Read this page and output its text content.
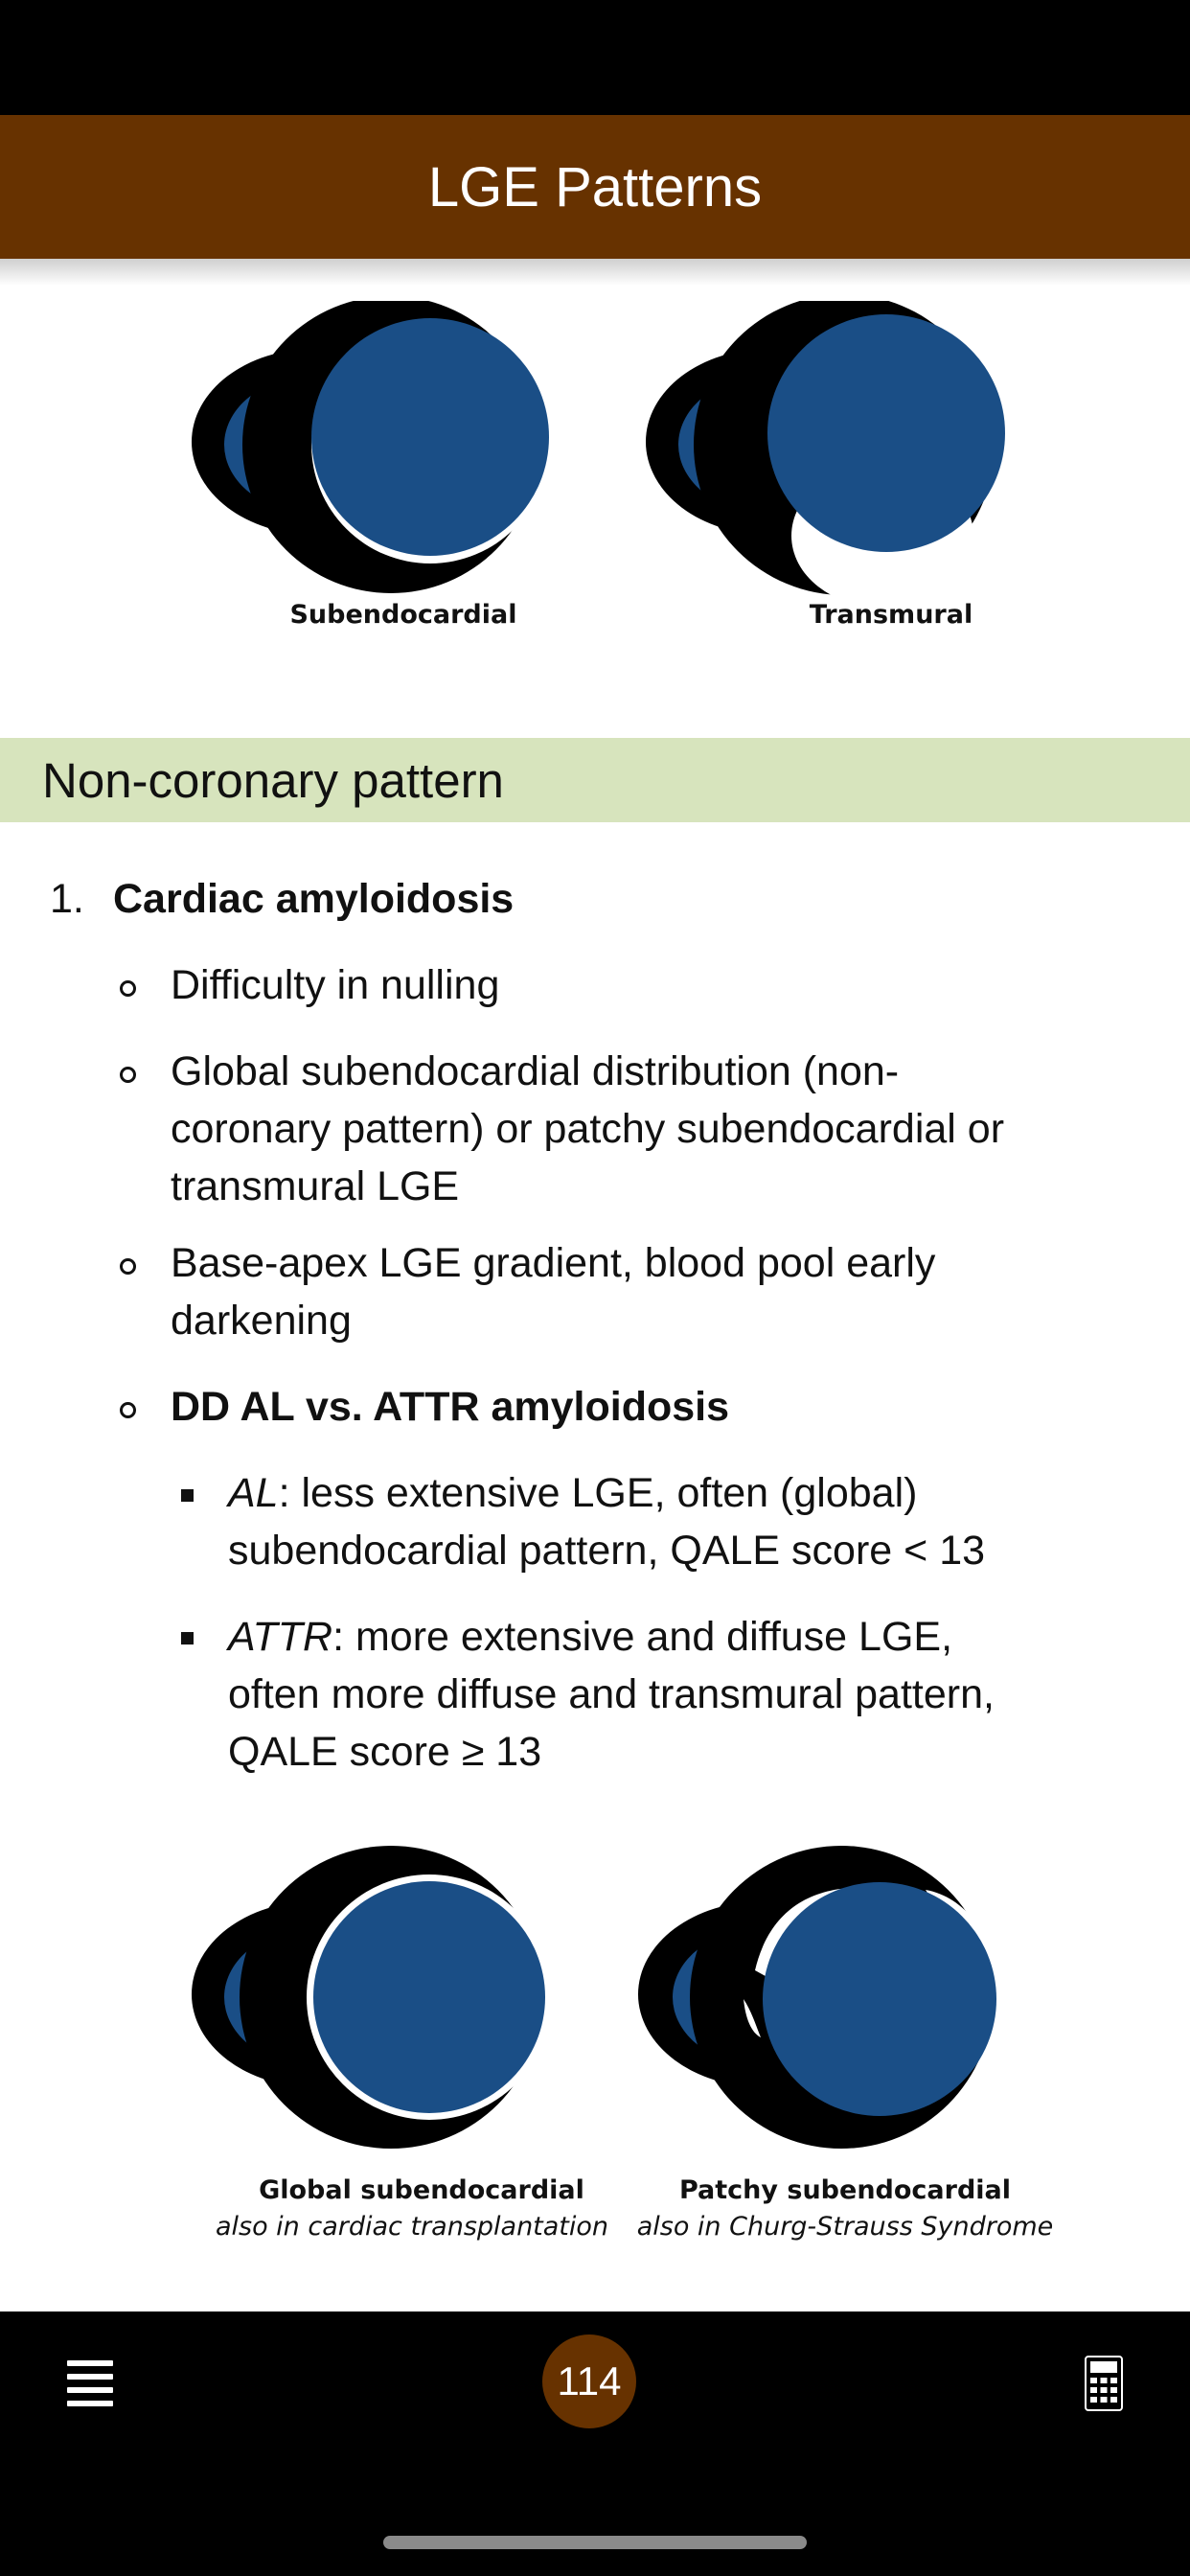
LGE Patterns
Subendocardial	Transmural
Non-coronary pattern
1. Cardiac amyloidosis
Difficulty in nulling
Global subendocardial distribution (non-
coronary pattern) or patchy subendocardial or
transmural LGE
Base-apex LGE gradient, blood pool early
darkening
DD AL vs. ATTR amyloidosis
AL: less extensive LGE, often (global)
subendocardial pattern, QALE score < 13
ATTR: more extensive and diffuse LGE,
often more diffuse and transmural pattern,
QALE score ≥ 13
Global subendocardial
also in cardiac transplantation
Patchy subendocardial
also in Churg-Strauss Syndrome
114
